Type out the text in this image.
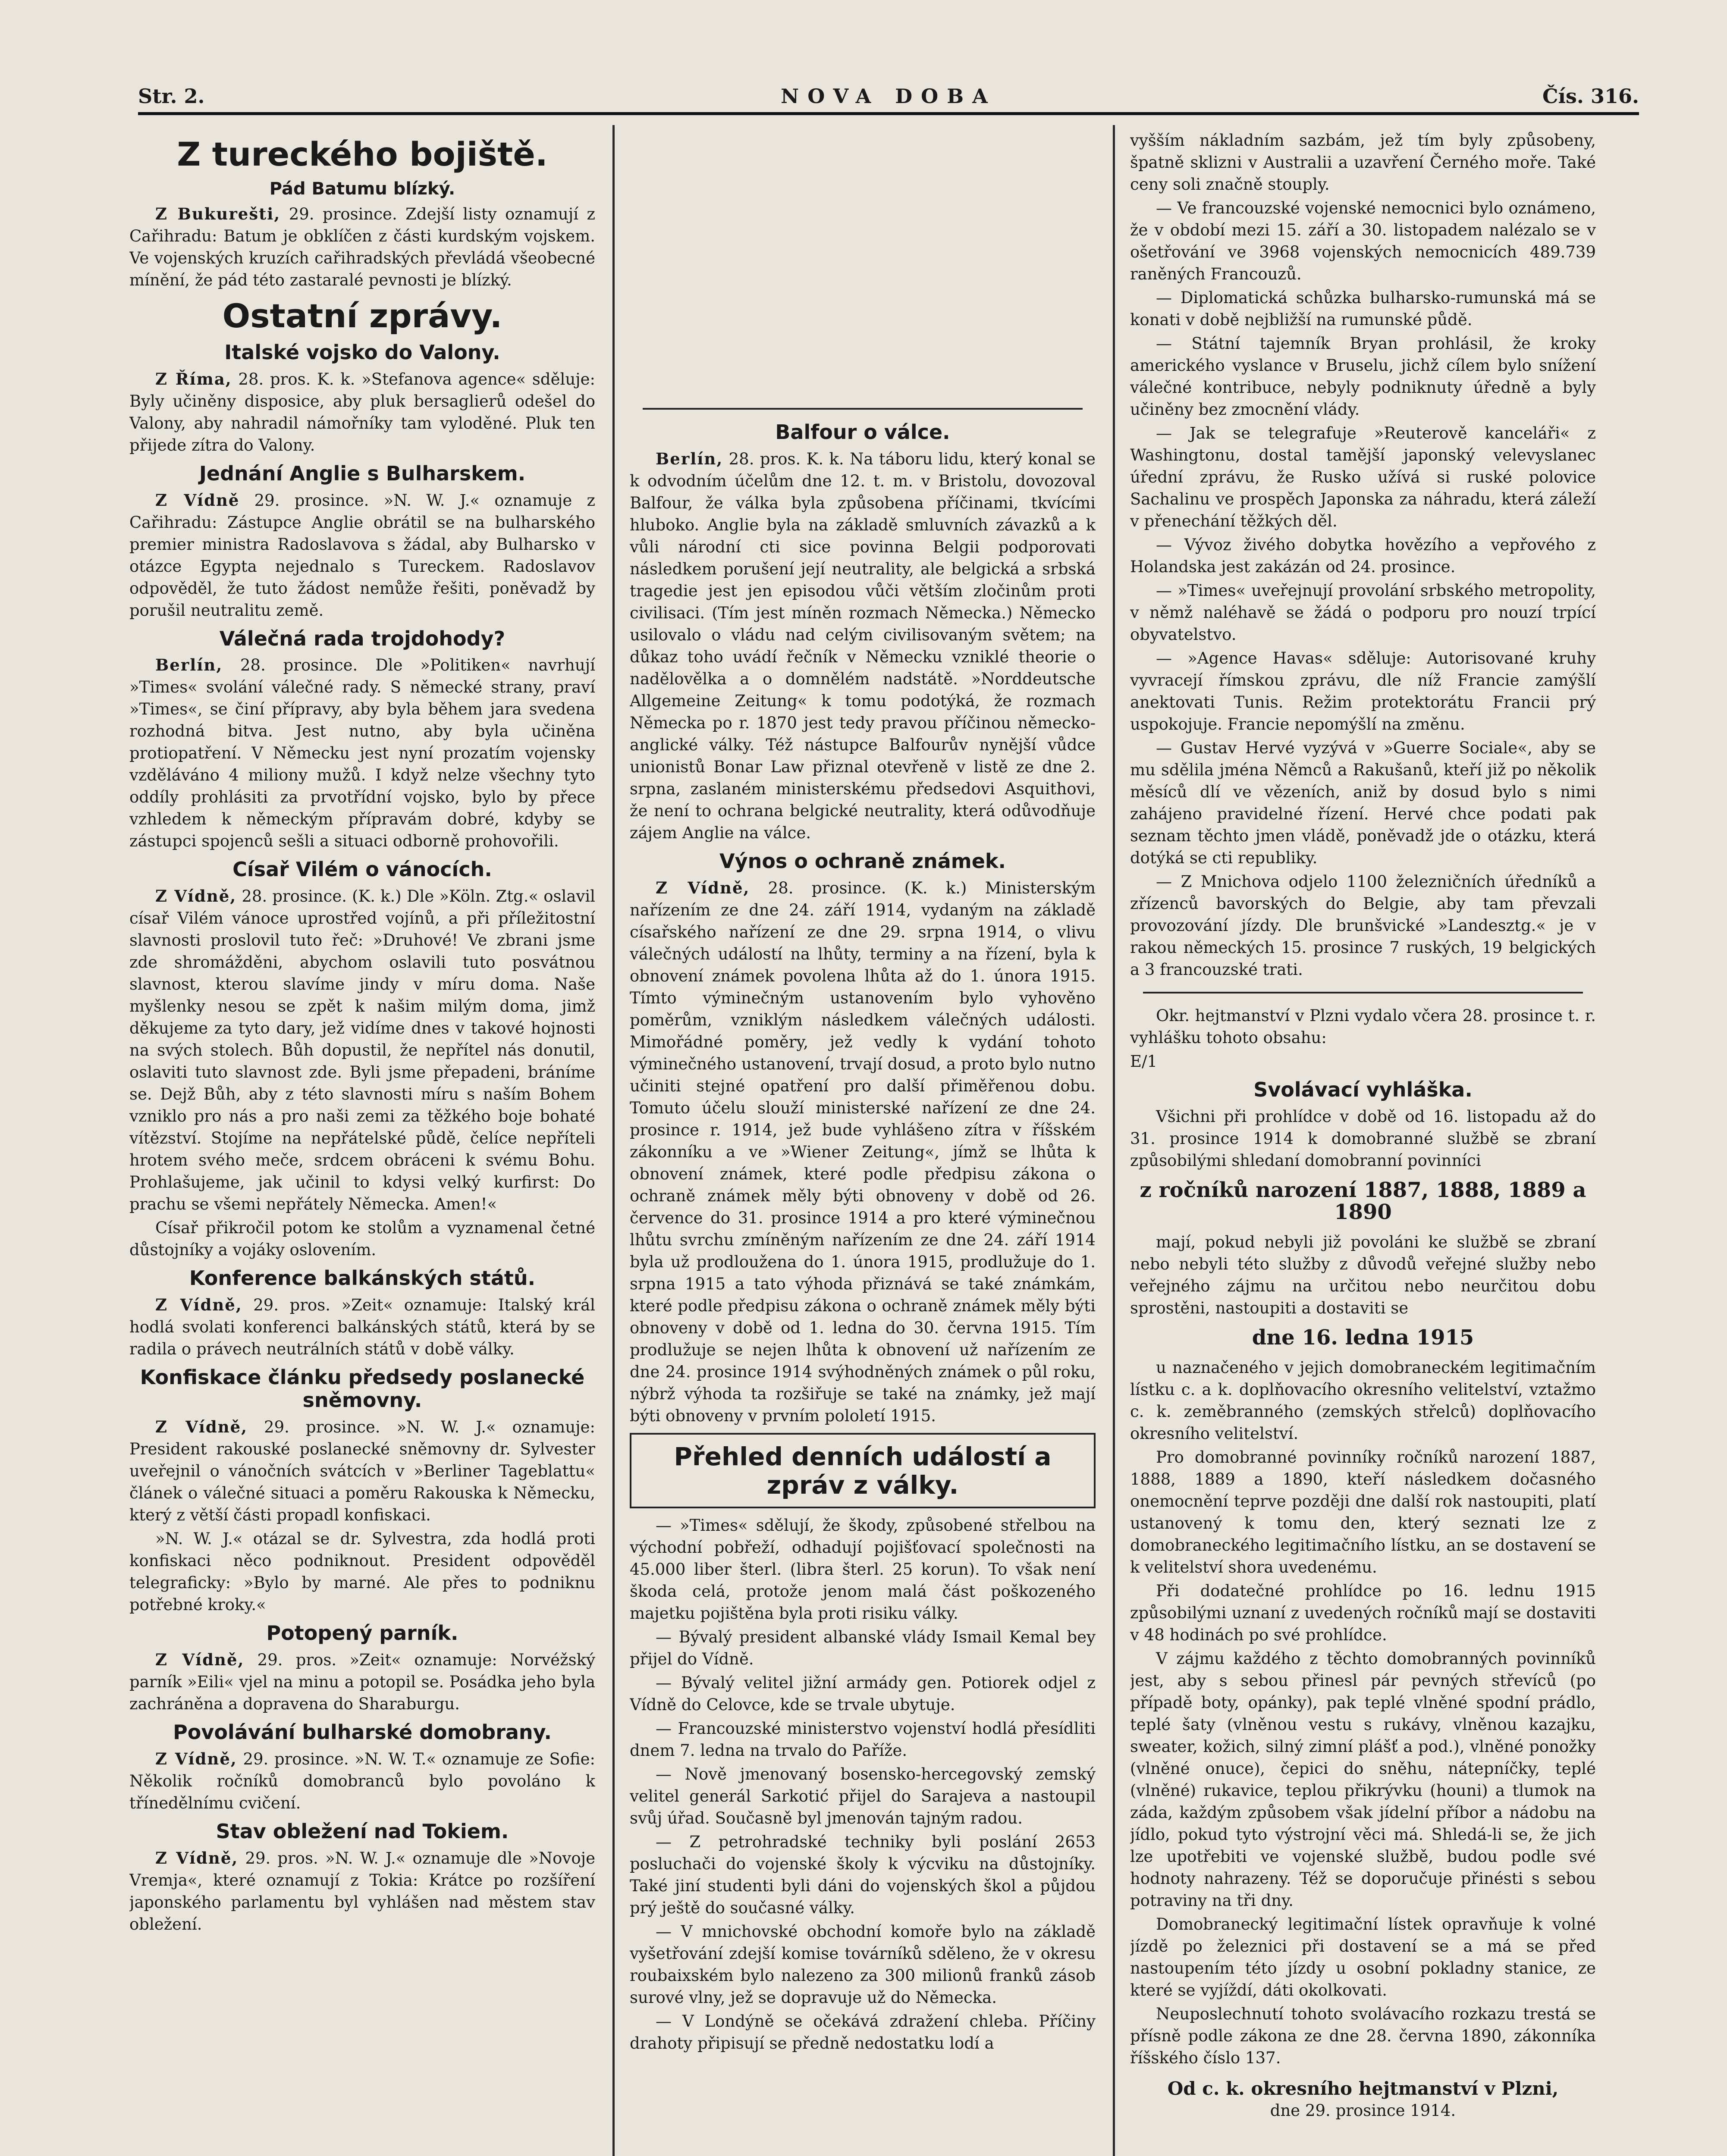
Str. 2.	NOVA DOBA	Čís. 316.
Z tureckého bojiště.
Pád Batumu blízký.

Z Bukurešti, 29. prosince. Zdejší listy oznamují z Cařihradu: Batum je obklíčen z části kurdským vojskem. Ve vojenských kruzích cařihradských převládá všeobecné mínění, že pád této zastaralé pevnosti je blízký.

Ostatní zprávy.
Italské vojsko do Valony.

Z Říma, 28. pros. K. k. »Stefanova agence« sděluje: Byly učiněny disposice, aby pluk bersaglierů odešel do Valony, aby nahradil námořníky tam vyloděné. Pluk ten přijede zítra do Valony.

Jednání Anglie s Bulharskem.

Z Vídně 29. prosince. »N. W. J.« oznamuje z Cařihradu: Zástupce Anglie obrátil se na bulharského premier ministra Radoslavova s žádal, aby Bulharsko v otázce Egypta nejednalo s Tureckem. Radoslavov odpověděl, že tuto žádost nemůže řešiti, poněvadž by porušil neutralitu země.

Válečná rada trojdohody?

Berlín, 28. prosince. Dle »Politiken« navrhují »Times« svolání válečné rady. S německé strany, praví »Times«, se činí přípravy, aby byla během jara svedena rozhodná bitva. Jest nutno, aby byla učiněna protiopatření. V Německu jest nyní prozatím vojensky vzděláváno 4 miliony mužů. I když nelze všechny tyto oddíly prohlásiti za prvotřídní vojsko, bylo by přece vzhledem k německým přípravám dobré, kdyby se zástupci spojenců sešli a situaci odborně prohovořili.

Císař Vilém o vánocích.

Z Vídně, 28. prosince. (K. k.) Dle »Köln. Ztg.« oslavil císař Vilém vánoce uprostřed vojínů, a při příležitostní slavnosti proslovil tuto řeč: »Druhové! Ve zbrani jsme zde shromážděni, abychom oslavili tuto posvátnou slavnost, kterou slavíme jindy v míru doma. Naše myšlenky nesou se zpět k našim milým doma, jimž děkujeme za tyto dary, jež vidíme dnes v takové hojnosti na svých stolech. Bůh dopustil, že nepřítel nás donutil, oslaviti tuto slavnost zde. Byli jsme přepadeni, bráníme se. Dejž Bůh, aby z této slavnosti míru s naším Bohem vzniklo pro nás a pro naši zemi za těžkého boje bohaté vítězství. Stojíme na nepřátelské půdě, čelíce nepříteli hrotem svého meče, srdcem obráceni k svému Bohu. Prohlašujeme, jak učinil to kdysi velký kurfirst: Do prachu se všemi nepřátely Německa. Amen!«

Císař přikročil potom ke stolům a vyznamenal četné důstojníky a vojáky oslovením.

Konference balkánských států.

Z Vídně, 29. pros. »Zeit« oznamuje: Italský král hodlá svolati konferenci balkánských států, která by se radila o právech neutrálních států v době války.

Konfiskace článku předsedy poslanecké sněmovny.

Z Vídně, 29. prosince. »N. W. J.« oznamuje: President rakouské poslanecké sněmovny dr. Sylvester uveřejnil o vánočních svátcích v »Berliner Tageblattu« článek o válečné situaci a poměru Rakouska k Německu, který z větší části propadl konfiskaci.

»N. W. J.« otázal se dr. Sylvestra, zda hodlá proti konfiskaci něco podniknout. President odpověděl telegraficky: »Bylo by marné. Ale přes to podniknu potřebné kroky.«

Potopený parník.

Z Vídně, 29. pros. »Zeit« oznamuje: Norvéžský parník »Eili« vjel na minu a potopil se. Posádka jeho byla zachráněna a dopravena do Sharaburgu.

Povolávání bulharské domobrany.

Z Vídně, 29. prosince. »N. W. T.« oznamuje ze Sofie: Několik ročníků domobranců bylo povoláno k třínedělnímu cvičení.

Stav obležení nad Tokiem.

Z Vídně, 29. pros. »N. W. J.« oznamuje dle »Novoje Vremja«, které oznamují z Tokia: Krátce po rozšíření japonského parlamentu byl vyhlášen nad městem stav obležení.

Balfour o válce.

Berlín, 28. pros. K. k. Na táboru lidu, který konal se k odvodním účelům dne 12. t. m. v Bristolu, dovozoval Balfour, že válka byla způsobena příčinami, tkvícími hluboko. Anglie byla na základě smluvních závazků a k vůli národní cti sice povinna Belgii podporovati následkem porušení její neutrality, ale belgická a srbská tragedie jest jen episodou vůči větším zločinům proti civilisaci. (Tím jest míněn rozmach Německa.) Německo usilovalo o vládu nad celým civilisovaným světem; na důkaz toho uvádí řečník v Německu vzniklé theorie o nadělovělka a o domnělém nadstátě. »Norddeutsche Allgemeine Zeitung« k tomu podotýká, že rozmach Německa po r. 1870 jest tedy pravou příčinou německo-anglické války. Též nástupce Balfourův nynější vůdce unionistů Bonar Law přiznal otevřeně v listě ze dne 2. srpna, zaslaném ministerskému předsedovi Asquithovi, že není to ochrana belgické neutrality, která odůvodňuje zájem Anglie na válce.

Výnos o ochraně známek.

Z Vídně, 28. prosince. (K. k.) Ministerským nařízením ze dne 24. září 1914, vydaným na základě císařského nařízení ze dne 29. srpna 1914, o vlivu válečných událostí na lhůty, terminy a na řízení, byla k obnovení známek povolena lhůta až do 1. února 1915. Tímto výminečným ustanovením bylo vyhověno poměrům, vzniklým následkem válečných události. Mimořádné poměry, jež vedly k vydání tohoto výminečného ustanovení, trvají dosud, a proto bylo nutno učiniti stejné opatření pro další přiměřenou dobu. Tomuto účelu slouží ministerské nařízení ze dne 24. prosince r. 1914, jež bude vyhlášeno zítra v říšském zákonníku a ve »Wiener Zeitung«, jímž se lhůta k obnovení známek, které podle předpisu zákona o ochraně známek měly býti obnoveny v době od 26. července do 31. prosince 1914 a pro které výminečnou lhůtu svrchu zmíněným nařízením ze dne 24. září 1914 byla už prodloužena do 1. února 1915, prodlužuje do 1. srpna 1915 a tato výhoda přiznává se také známkám, které podle předpisu zákona o ochraně známek měly býti obnoveny v době od 1. ledna do 30. června 1915. Tím prodlužuje se nejen lhůta k obnovení už nařízením ze dne 24. prosince 1914 svýhodněných známek o půl roku, nýbrž výhoda ta rozšiřuje se také na známky, jež mají býti obnoveny v prvním pololetí 1915.

Přehled denních událostí a zpráv z války.

— »Times« sdělují, že škody, způsobené střelbou na východní pobřeží, odhadují pojišťovací společnosti na 45.000 liber šterl. (libra šterl. 25 korun). To však není škoda celá, protože jenom malá část poškozeného majetku pojištěna byla proti risiku války.

— Bývalý president albanské vlády Ismail Kemal bey přijel do Vídně.

— Bývalý velitel jižní armády gen. Potiorek odjel z Vídně do Celovce, kde se trvale ubytuje.

— Francouzské ministerstvo vojenství hodlá přesídliti dnem 7. ledna na trvalo do Paříže.

— Nově jmenovaný bosensko-hercegovský zemský velitel generál Sarkotić přijel do Sarajeva a nastoupil svůj úřad. Současně byl jmenován tajným radou.

— Z petrohradské techniky byli poslání 2653 posluchači do vojenské školy k výcviku na důstojníky. Také jiní studenti byli dáni do vojenských škol a půjdou prý ještě do současné války.

— V mnichovské obchodní komoře bylo na základě vyšetřování zdejší komise továrníků sděleno, že v okresu roubaixském bylo nalezeno za 300 milionů franků zásob surové vlny, jež se dopravuje už do Německa.

— V Londýně se očekává zdražení chleba. Příčiny drahoty připisují se předně nedostatku lodí a

vyšším nákladním sazbám, jež tím byly způsobeny, špatně sklizni v Australii a uzavření Černého moře. Také ceny soli značně stouply.

— Ve francouzské vojenské nemocnici bylo oznámeno, že v období mezi 15. září a 30. listopadem nalézalo se v ošetřování ve 3968 vojenských nemocnicích 489.739 raněných Francouzů.

— Diplomatická schůzka bulharsko-rumunská má se konati v době nejbližší na rumunské půdě.

— Státní tajemník Bryan prohlásil, že kroky amerického vyslance v Bruselu, jichž cílem bylo snížení válečné kontribuce, nebyly podniknuty úředně a byly učiněny bez zmocnění vlády.

— Jak se telegrafuje »Reuterově kanceláři« z Washingtonu, dostal tamější japonský velevyslanec úřední zprávu, že Rusko užívá si ruské polovice Sachalinu ve prospěch Japonska za náhradu, která záleží v přenechání těžkých děl.

— Vývoz živého dobytka hovězího a vepřového z Holandska jest zakázán od 24. prosince.

— »Times« uveřejnují provolání srbského metropolity, v němž naléhavě se žádá o podporu pro nouzí trpící obyvatelstvo.

— »Agence Havas« sděluje: Autorisované kruhy vyvracejí římskou zprávu, dle níž Francie zamýšlí anektovati Tunis. Režim protektorátu Francii prý uspokojuje. Francie nepomýšlí na změnu.

— Gustav Hervé vyzývá v »Guerre Sociale«, aby se mu sdělila jména Němců a Rakušanů, kteří již po několik měsíců dlí ve vězeních, aniž by dosud bylo s nimi zahájeno pravidelné řízení. Hervé chce podati pak seznam těchto jmen vládě, poněvadž jde o otázku, která dotýká se cti republiky.

— Z Mnichova odjelo 1100 železničních úředníků a zřízenců bavorských do Belgie, aby tam převzali provozování jízdy. Dle brunšvické »Landesztg.« je v rakou německých 15. prosince 7 ruských, 19 belgických a 3 francouzské trati.

Okr. hejtmanství v Plzni vydalo včera 28. prosince t. r. vyhlášku tohoto obsahu:

E/1

Svolávací vyhláška.

Všichni při prohlídce v době od 16. listopadu až do 31. prosince 1914 k domobranné službě se zbraní způsobilými shledaní domobranní povinníci

z ročníků narození 1887, 1888, 1889 a 1890

mají, pokud nebyli již povoláni ke službě se zbraní nebo nebyli této služby z důvodů veřejné služby nebo veřejného zájmu na určitou nebo neurčitou dobu sprostěni, nastoupiti a dostaviti se

dne 16. ledna 1915

u naznačeného v jejich domobraneckém legitimačním lístku c. a k. doplňovacího okresního velitelství, vztažmo c. k. zeměbranného (zemských střelců) doplňovacího okresního velitelství.

Pro domobranné povinníky ročníků narození 1887, 1888, 1889 a 1890, kteří následkem dočasného onemocnění teprve později dne další rok nastoupiti, platí ustanovený k tomu den, který seznati lze z domobraneckého legitimačního lístku, an se dostavení se k velitelství shora uvedenému.

Při dodatečné prohlídce po 16. lednu 1915 způsobilými uznaní z uvedených ročníků mají se dostaviti v 48 hodinách po své prohlídce.

V zájmu každého z těchto domobranných povinníků jest, aby s sebou přinesl pár pevných střevíců (po případě boty, opánky), pak teplé vlněné spodní prádlo, teplé šaty (vlněnou vestu s rukávy, vlněnou kazajku, sweater, kožich, silný zimní plášť a pod.), vlněné ponožky (vlněné onuce), čepici do sněhu, nátepníčky, teplé (vlněné) rukavice, teplou přikrývku (houni) a tlumok na záda, každým způsobem však jídelní příbor a nádobu na jídlo, pokud tyto výstrojní věci má. Shledá-li se, že jich lze upotřebiti ve vojenské službě, budou podle své hodnoty nahrazeny. Též se doporučuje přinésti s sebou potraviny na tři dny.

Domobranecký legitimační lístek opravňuje k volné jízdě po železnici při dostavení se a má se před nastoupením této jízdy u osobní pokladny stanice, ze které se vyjíždí, dáti okolkovati.

Neuposlechnutí tohoto svolávacího rozkazu trestá se přísně podle zákona ze dne 28. června 1890, zákonníka říšského číslo 137.

Od c. k. okresního hejtmanství v Plzni,

dne 29. prosince 1914.
